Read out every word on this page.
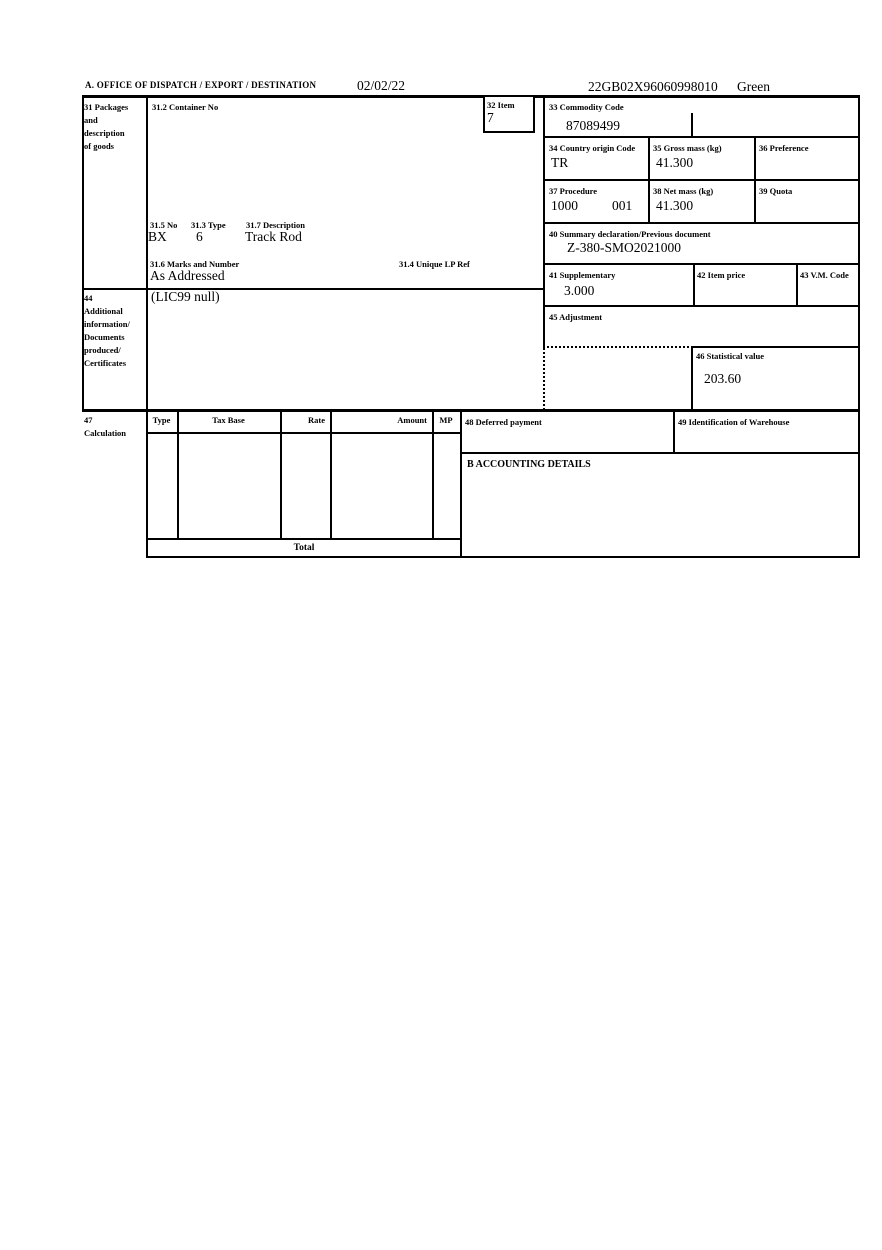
A. OFFICE OF DISPATCH / EXPORT / DESTINATION	02/02/22	22GB02X96060998010 Green
31 Packages
and
description
of goods
31.2 Container No
31.5 No 31.3 Type 31.7 Description
BX 6	Track Rod
31.6 Marks and Number	31.4 Unique LP Ref
As Addressed
32 Item
7
33 Commodity Code
87089499
34 Country origin Code
TR
35 Gross mass (kg)
41.300
36 Preference
37 Procedure
1000	001
38 Net mass (kg)
41.300
39 Quota
40 Summary declaration/Previous document
Z-380-SMO2021000
41 Supplementary
3.000
42 Item price	43 V.M. Code
44
Additional
information/
Documents
produced/
Certificates
(LIC99 null)
45 Adjustment
46 Statistical value
203.60
47
Calculation
Type	Tax Base	Rate	Amount	MP
Total
48 Deferred payment	49 Identification of Warehouse
B ACCOUNTING DETAILS
